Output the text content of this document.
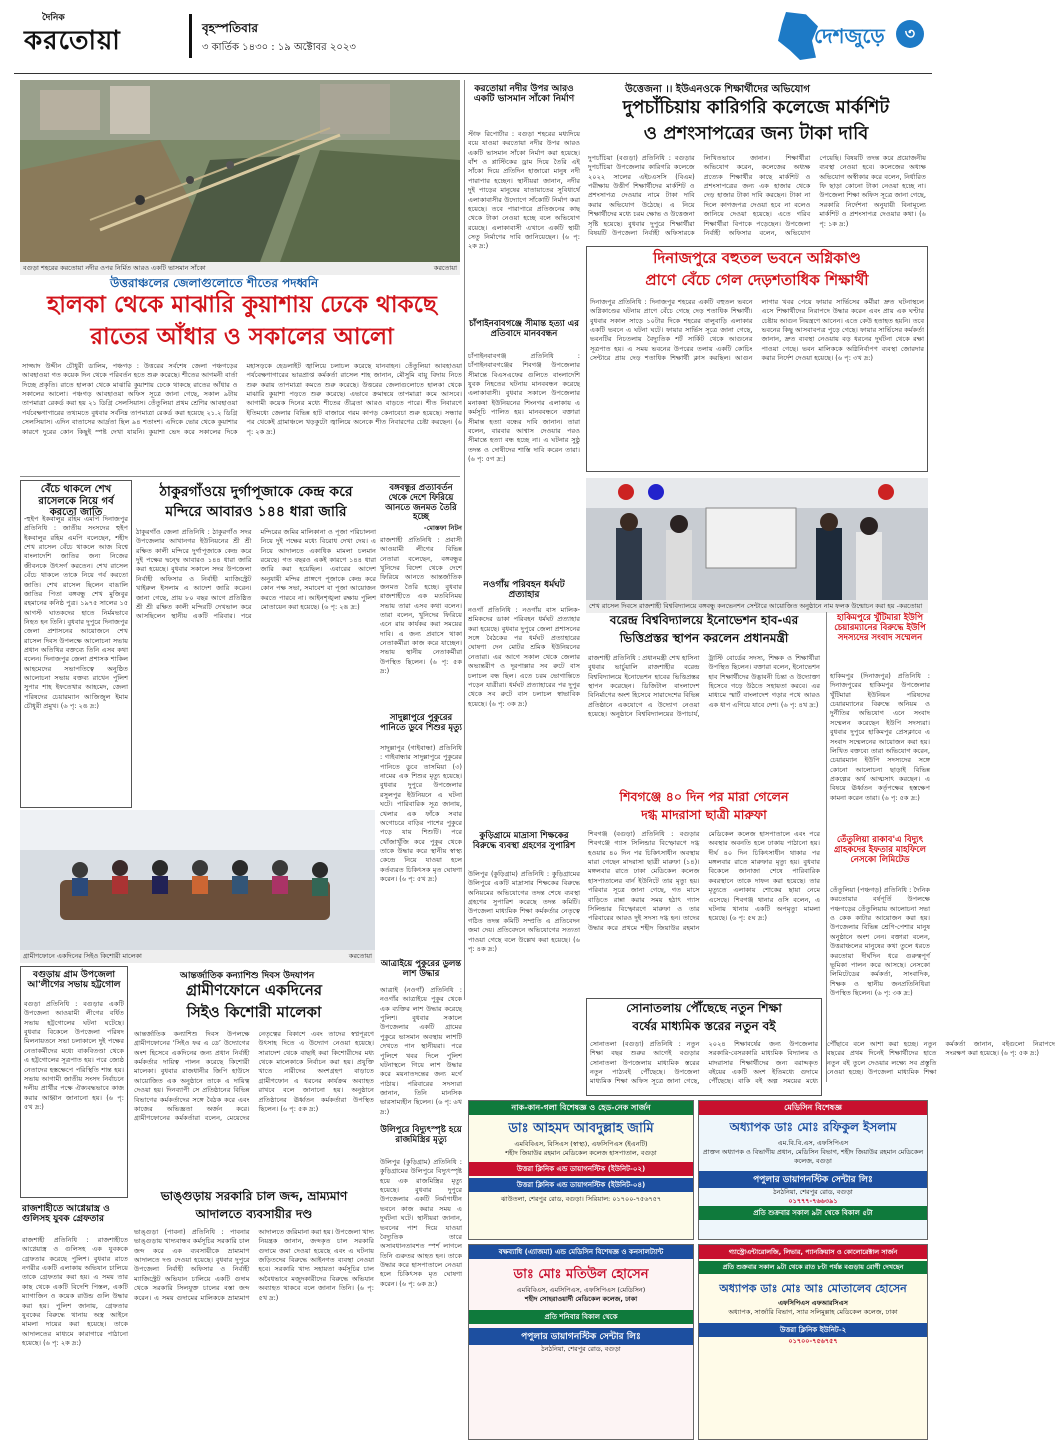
দৈনিক
করতোয়া	বৃহস্পতিবার
৩ কার্তিক ১৪৩০ : ১৯ অক্টোবর ২০২৩	দেশজুড়ে	৩
বগুড়া শহরের করতোয়া নদীর ওপর নির্মিত আরও একটি ভাসমান সাঁকো	করতোয়া
উত্তরাঞ্চলের জেলাগুলোতে শীতের পদধ্বনি
হালকা থেকে মাঝারি কুয়াশায় ঢেকে থাকছে
রাতের আঁধার ও সকালের আলো
সাজ্জাদ উদ্দীন চৌধুরী ডালিম, পঞ্চগড় : উত্তরের সর্বশেষ জেলা পঞ্চগড়ের আবহাওয়া গত কয়েক দিন থেকে পরিবর্তন হতে শুরু করেছে। শীতের আগমনী বার্তা দিচ্ছে প্রকৃতি। রাতে হালকা থেকে মাঝারি কুয়াশায় ঢেকে থাকছে রাতের আঁধার ও সকালের আলো। পঞ্চগড় আবহাওয়া অফিস সূত্রে জানা গেছে, সকাল ৯টায় তাপমাত্রা রেকর্ড করা হয় ২১ ডিগ্রি সেলসিয়াস। তেঁতুলিয়া প্রথম শ্রেণির আবহাওয়া পর্যবেক্ষণাগারের তথ্যমতে বুধবার সর্বনিম্ন তাপমাত্রা রেকর্ড করা হয়েছে ২১.২ ডিগ্রি সেলসিয়াস। এদিন বাতাসের আর্দ্রতা ছিল ৯৪ শতাংশ। এদিকে ভোর থেকে কুয়াশার কারণে দুরের কোন কিছুই স্পষ্ট দেখা যায়নি। কুয়াশা ভেদ করে সকালের দিকে মহাসড়কে হেডলাইট জ্বালিয়ে চলাচল করেছে যানবাহন। তেঁতুলিয়া আবহাওয়া পর্যবেক্ষণাগারের ভারপ্রাপ্ত কর্মকর্তা রাসেল শাহ জানান, মৌসুমি বায়ু বিদায় নিতে শুরু করায় তাপমাত্রা কমতে শুরু করেছে। উত্তরের জেলাগুলোতে হালকা থেকে মাঝারি কুয়াশা পড়তে শুরু করেছে। এভাবে ক্রমান্বয়ে তাপমাত্রা কমে আসবে। আগামী কয়েক দিনের মধ্যে শীতের তীব্রতা আরও বাড়তে পারে। শীত নিবারণে ইতিমধ্যে জেলার বিভিন্ন হাট বাজারে গরম কাপড় কেনাবেচা শুরু হয়েছে। সন্ধ্যার পর থেকেই গ্রামাঞ্চলে খড়কুটো জ্বালিয়ে অনেকে শীত নিবারণের চেষ্টা করছেন। (৬ পৃ: ২ক দ্র:)
বেঁচে থাকলে শেখ রাসেলকে নিয়ে গর্ব করতো জাতি
-হুইপ ইকবালুর রহিম এমপি দিনাজপুর প্রতিনিধি : জাতীয় সংসদের হুইপ ইকবালুর রহিম এমপি বলেছেন, শহীদ শেখ রাসেল বেঁচে থাকলে আজ বিশ্বে বাংলাদেশি জাতির জন্য নিজের জীবনকে উৎসর্গ করতেন। শেখ রাসেল বেঁচে থাকলে তাকে নিয়ে গর্ব করতো জাতি। শেখ রাসেল ছিলেন বাঙালি জাতির পিতা বঙ্গবন্ধু শেখ মুজিবুর রহমানের কনিষ্ঠ পুত্র। ১৯৭৫ সালের ১৫ আগস্ট ঘাতকদের হাতে নির্মমভাবে নিহত হন তিনি। বুধবার দুপুরে দিনাজপুর জেলা প্রশাসনের আয়োজনে শেখ রাসেল দিবস উপলক্ষে আলোচনা সভায় প্রধান অতিথির বক্তব্যে তিনি এসব কথা বলেন। দিনাজপুর জেলা প্রশাসক শাকিল আহমেদের সভাপতিত্বে অনুষ্ঠিত আলোচনা সভায় বক্তব্য রাখেন পুলিশ সুপার শাহ ইফতেখার আহমেদ, জেলা পরিষদের চেয়ারম্যান আজিজুল ইমাম চৌধুরী প্রমুখ। (৬ পৃ: ২ঙ দ্র:)
ঠাকুরগাঁওয়ে দুর্গাপূজাকে কেন্দ্র করে
মন্দিরে আবারও ১৪৪ ধারা জারি
ঠাকুরগাঁও জেলা প্রতিনিধি : ঠাকুরগাঁও সদর উপজেলার আখানগর ইউনিয়নের শ্রী শ্রী রক্ষিত কালী মন্দিরে দুর্গাপূজাকে কেন্দ্র করে দুই পক্ষের দ্বন্দ্বে আবারও ১৪৪ ধারা জারি করা হয়েছে। বুধবার সকালে সদর উপজেলা নির্বাহী অফিসার ও নির্বাহী ম্যাজিস্ট্রেট খাইরুল ইসলাম এ আদেশ জারি করেন। জানা গেছে, প্রায় ৮০ বছর আগে প্রতিষ্ঠিত শ্রী শ্রী রক্ষিত কালী মন্দিরটি দেখভাল করে আসছিলেন স্থানীয় একটি পরিবার। পরে মন্দিরের জমির মালিকানা ও পূজা পরিচালনা নিয়ে দুই পক্ষের মধ্যে বিরোধ দেখা দেয়। এ নিয়ে আদালতে একাধিক মামলা চলমান রয়েছে। গত বছরও একই কারণে ১৪৪ ধারা জারি করা হয়েছিল। এবারের আদেশ অনুযায়ী মন্দির প্রাঙ্গণে পূজাকে কেন্দ্র করে কোন পক্ষ সভা, সমাবেশ বা পূজা আয়োজন করতে পারবে না। আইনশৃঙ্খলা রক্ষায় পুলিশ মোতায়েন করা হয়েছে। (৬ পৃ: ২ঙ দ্র:)
বঙ্গবন্ধুর প্রত্যাবর্তন থেকে দেশে ফিরিয়ে আনতে জনমত তৈরি হচ্ছে
-মোস্তফা নিটন
রাজশাহী প্রতিনিধি : প্রবাসী আওয়ামী লীগের বিভিন্ন নেতারা বলেছেন, বঙ্গবন্ধুর খুনিদের বিদেশ থেকে দেশে ফিরিয়ে আনতে আন্তর্জাতিক জনমত তৈরি হচ্ছে। বুধবার রাজশাহীতে এক মতবিনিময় সভায় তারা এসব কথা বলেন। তারা বলেন, খুনিদের ফিরিয়ে এনে রায় কার্যকর করা সময়ের দাবি। এ জন্য প্রবাসে থাকা নেতাকর্মীরা কাজ করে যাচ্ছেন। সভায় স্থানীয় নেতাকর্মীরা উপস্থিত ছিলেন। (৬ পৃ: ৫ক দ্র:)
সাদুল্লাপুরে পুকুরের পানিতে ডুবে শিশুর মৃত্যু
সাদুল্লাপুর (গাইবান্ধা) প্রতিনিধি : গাইবান্ধার সাদুল্লাপুরে পুকুরের পানিতে ডুবে তাসমিয়া (৩) নামের এক শিশুর মৃত্যু হয়েছে। বুধবার দুপুরে উপজেলার রসুলপুর ইউনিয়নে এ ঘটনা ঘটে। পারিবারিক সূত্র জানায়, খেলার এক ফাঁকে সবার অগোচরে বাড়ির পাশের পুকুরে পড়ে যায় শিশুটি। পরে খোঁজাখুঁজি করে পুকুর থেকে তাকে উদ্ধার করে স্থানীয় স্বাস্থ্য কেন্দ্রে নিয়ে যাওয়া হলে কর্তব্যরত চিকিৎসক মৃত ঘোষণা করেন। (৬ পৃ: ৫খ দ্র:)
গ্রামীণফোনে একদিনের সিইও কিশোরী মালেকা	করতোয়া
বগুড়ায় গ্রাম উপজেলা আ'লীগের সভায় হট্টগোল
বগুড়া প্রতিনিধি : বগুড়ার একটি উপজেলা আওয়ামী লীগের বর্ধিত সভায় হট্টগোলের ঘটনা ঘটেছে। বুধবার বিকেলে উপজেলা পরিষদ মিলনায়তনে সভা চলাকালে দুই পক্ষের নেতাকর্মীদের মধ্যে বাকবিতণ্ডা থেকে এ হট্টগোলের সূত্রপাত হয়। পরে জ্যেষ্ঠ নেতাদের হস্তক্ষেপে পরিস্থিতি শান্ত হয়। সভায় আগামী জাতীয় সংসদ নির্বাচনে দলীয় প্রার্থীর পক্ষে ঐক্যবদ্ধভাবে কাজ করার আহ্বান জানানো হয়। (৬ পৃ: ৫খ দ্র:)
রাজশাহীতে আগ্নেয়াস্ত্র ও গুলিসহ যুবক গ্রেফতার
রাজশাহী প্রতিনিধি : রাজশাহীতে আগ্নেয়াস্ত্র ও গুলিসহ এক যুবককে গ্রেফতার করেছে পুলিশ। বুধবার রাতে নগরীর একটি এলাকায় অভিযান চালিয়ে তাকে গ্রেফতার করা হয়। এ সময় তার কাছ থেকে একটি বিদেশি পিস্তল, একটি ম্যাগাজিন ও কয়েক রাউন্ড গুলি উদ্ধার করা হয়। পুলিশ জানায়, গ্রেফতার যুবকের বিরুদ্ধে থানায় অস্ত্র আইনে মামলা দায়ের করা হয়েছে। তাকে আদালতের মাধ্যমে কারাগারে পাঠানো হয়েছে। (৬ পৃ: ২ক দ্র:)
আন্তর্জাতিক কন্যাশিশু দিবস উদযাপন
গ্রামীণফোনে একদিনের
সিইও কিশোরী মালেকা
আন্তর্জাতিক কন্যাশিশু দিবস উপলক্ষে গ্রামীণফোনের ‘সিইও ফর এ ডে’ উদ্যোগের অংশ হিসেবে একদিনের জন্য প্রধান নির্বাহী কর্মকর্তার দায়িত্ব পালন করেছে কিশোরী মালেকা। বুধবার রাজধানীর জিপি হাউসে আয়োজিত এক অনুষ্ঠানে তাকে এ দায়িত্ব দেওয়া হয়। দিনব্যাপী সে প্রতিষ্ঠানের বিভিন্ন বিভাগের কর্মকর্তাদের সঙ্গে বৈঠক করে এবং কাজের অভিজ্ঞতা অর্জন করে। গ্রামীণফোনের কর্মকর্তারা বলেন, মেয়েদের নেতৃত্বের বিকাশে এবং তাদের স্বপ্নপূরণে উৎসাহ দিতে এ উদ্যোগ নেওয়া হয়েছে। সারাদেশ থেকে বাছাই করা কিশোরীদের মধ্য থেকে মালেকাকে নির্বাচন করা হয়। প্রযুক্তি খাতে নারীদের অংশগ্রহণ বাড়াতে গ্রামীণফোন এ ধরনের কার্যক্রম অব্যাহত রাখবে বলে জানানো হয়। অনুষ্ঠানে প্রতিষ্ঠানের ঊর্ধ্বতন কর্মকর্তারা উপস্থিত ছিলেন। (৬ পৃ: ৫ক দ্র:)
আত্রাইয়ে পুকুরের ডুলন্ত লাশ উদ্ধার
আত্রাই (নওগাঁ) প্রতিনিধি : নওগাঁর আত্রাইয়ে পুকুর থেকে এক ব্যক্তির লাশ উদ্ধার করেছে পুলিশ। বুধবার সকালে উপজেলার একটি গ্রামের পুকুরে ভাসমান অবস্থায় লাশটি দেখতে পান স্থানীয়রা। পরে পুলিশে খবর দিলে পুলিশ ঘটনাস্থলে গিয়ে লাশ উদ্ধার করে ময়নাতদন্তের জন্য মর্গে পাঠায়। পরিবারের সদস্যরা জানান, তিনি মানসিক ভারসাম্যহীন ছিলেন। (৬ পৃ: ৬খ দ্র:)
ভাঙ্গুড়ায় সরকারি চাল জব্দ, ভ্রাম্যমাণ
আদালতে ব্যবসায়ীর দণ্ড
ভাঙ্গুড়া (পাবনা) প্রতিনিধি : পাবনার ভাঙ্গুড়ায় খাদ্যবান্ধব কর্মসূচির সরকারি চাল জব্দ করে এক ব্যবসায়ীকে ভ্রাম্যমাণ আদালতে দণ্ড দেওয়া হয়েছে। বুধবার দুপুরে উপজেলা নির্বাহী অফিসার ও নির্বাহী ম্যাজিস্ট্রেট অভিযান চালিয়ে একটি গুদাম থেকে সরকারি সিলযুক্ত চালের বস্তা জব্দ করেন। এ সময় গুদামের মালিককে ভ্রাম্যমাণ আদালতে জরিমানা করা হয়। উপজেলা খাদ্য নিয়ন্ত্রক জানান, জব্দকৃত চাল সরকারি গুদামে জমা দেওয়া হয়েছে এবং এ ঘটনায় জড়িতদের বিরুদ্ধে আইনগত ব্যবস্থা নেওয়া হবে। সরকারি খাদ্য সহায়তা কর্মসূচির চাল অবৈধভাবে মজুদকারীদের বিরুদ্ধে অভিযান অব্যাহত থাকবে বলে জানান তিনি। (৬ পৃ: ৫খ দ্র:)
উলিপুরে বিদ্যুৎস্পৃষ্ট হয়ে রাজমিস্ত্রির মৃত্যু
উলিপুর (কুড়িগ্রাম) প্রতিনিধি : কুড়িগ্রামের উলিপুরে বিদ্যুৎস্পৃষ্ট হয়ে এক রাজমিস্ত্রির মৃত্যু হয়েছে। বুধবার দুপুরে উপজেলার একটি নির্মাণাধীন ভবনে কাজ করার সময় এ দুর্ঘটনা ঘটে। স্থানীয়রা জানান, ভবনের পাশ দিয়ে যাওয়া বৈদ্যুতিক তারে অসাবধানতাবশত স্পর্শ লাগলে তিনি গুরুতর আহত হন। তাকে উদ্ধার করে হাসপাতালে নেওয়া হলে চিকিৎসক মৃত ঘোষণা করেন। (৬ পৃ: ৬ক দ্র:)
করতোয়া নদীর উপর আরও একটি ভাসমান সাঁকো নির্মাণ
স্টাফ রিপোর্টার : বগুড়া শহরের মধ্যদিয়ে বয়ে যাওয়া করতোয়া নদীর উপর আরও একটি ভাসমান সাঁকো নির্মাণ করা হয়েছে। বাঁশ ও প্লাস্টিকের ড্রাম দিয়ে তৈরি এই সাঁকো দিয়ে প্রতিদিন হাজারো মানুষ নদী পারাপার হচ্ছেন। স্থানীয়রা জানান, নদীর দুই পাড়ের মানুষের যাতায়াতের সুবিধার্থে এলাকাবাসীর উদ্যোগে সাঁকোটি নির্মাণ করা হয়েছে। তবে পারাপারে প্রতিজনের কাছ থেকে টাকা নেওয়া হচ্ছে বলে অভিযোগ রয়েছে। এলাকাবাসী এখানে একটি স্থায়ী সেতু নির্মাণের দাবি জানিয়েছেন। (৬ পৃ: ২ক দ্র:)
চাঁপাইনবাবগঞ্জে সীমান্ত হত্যা এর প্রতিবাদে মানববন্ধন
চাঁপাইনবাবগঞ্জ প্রতিনিধি : চাঁপাইনবাবগঞ্জের শিবগঞ্জ উপজেলার সীমান্তে বিএসএফের গুলিতে বাংলাদেশি যুবক নিহতের ঘটনায় মানববন্ধন করেছে এলাকাবাসী। বুধবার সকালে উপজেলার মনাকষা ইউনিয়নের শিংনগর এলাকায় এ কর্মসূচি পালিত হয়। মানববন্ধনে বক্তারা সীমান্ত হত্যা বন্ধের দাবি জানান। তারা বলেন, বারবার আশ্বাস দেওয়ার পরও সীমান্তে হত্যা বন্ধ হচ্ছে না। এ ঘটনার সুষ্ঠু তদন্ত ও দোষীদের শাস্তি দাবি করেন তারা। (৬ পৃ: ৫গ দ্র:)
নওগাঁয় পরিবহন ধর্মঘট প্রত্যাহার
নওগাঁ প্রতিনিধি : নওগাঁয় বাস মালিক-শ্রমিকদের ডাকা পরিবহন ধর্মঘট প্রত্যাহার করা হয়েছে। বুধবার দুপুরে জেলা প্রশাসনের সঙ্গে বৈঠকের পর ধর্মঘট প্রত্যাহারের ঘোষণা দেন মোটর শ্রমিক ইউনিয়নের নেতারা। এর আগে সকাল থেকে জেলার অভ্যন্তরীণ ও দূরপাল্লার সব রুটে বাস চলাচল বন্ধ ছিল। এতে চরম ভোগান্তিতে পড়েন যাত্রীরা। ধর্মঘট প্রত্যাহারের পর দুপুর থেকে সব রুটে বাস চলাচল স্বাভাবিক হয়েছে। (৬ পৃ: ৩ক দ্র:)
কুড়িগ্রামে মাদ্রাসা শিক্ষকের বিরুদ্ধে ব্যবস্থা গ্রহণের সুপারিশ
উলিপুর (কুড়িগ্রাম) প্রতিনিধি : কুড়িগ্রামের উলিপুরে একটি মাদ্রাসার শিক্ষকের বিরুদ্ধে অনিয়মের অভিযোগের তদন্ত শেষে ব্যবস্থা গ্রহণের সুপারিশ করেছে তদন্ত কমিটি। উপজেলা মাধ্যমিক শিক্ষা কর্মকর্তার নেতৃত্বে গঠিত তদন্ত কমিটি সম্প্রতি এ প্রতিবেদন জমা দেয়। প্রতিবেদনে অভিযোগের সত্যতা পাওয়া গেছে বলে উল্লেখ করা হয়েছে। (৬ পৃ: ৪ক দ্র:)
উত্তেজনা ।। ইউএনওকে শিক্ষার্থীদের অভিযোগ
দুপচাঁচিয়ায় কারিগরি কলেজে মার্কশিট
ও প্রশংসাপত্রের জন্য টাকা দাবি
দুপচাঁচিয়া (বগুড়া) প্রতিনিধি : বগুড়ার দুপচাঁচিয়া উপজেলার কারিগরি কলেজে ২০২২ সালের এইচএসসি (বিএম) পরীক্ষায় উত্তীর্ণ শিক্ষার্থীদের মার্কশিট ও প্রশংসাপত্র দেওয়ার নামে টাকা দাবি করার অভিযোগ উঠেছে। এ নিয়ে শিক্ষার্থীদের মধ্যে চরম ক্ষোভ ও উত্তেজনা সৃষ্টি হয়েছে। বুধবার দুপুরে শিক্ষার্থীরা বিষয়টি উপজেলা নির্বাহী অফিসারকে লিখিতভাবে জানান। শিক্ষার্থীরা অভিযোগ করেন, কলেজের অধ্যক্ষ প্রত্যেক শিক্ষার্থীর কাছে মার্কশিট ও প্রশংসাপত্রের জন্য এক হাজার থেকে দেড় হাজার টাকা দাবি করছেন। টাকা না দিলে কাগজপত্র দেওয়া হবে না বলেও জানিয়ে দেওয়া হয়েছে। এতে গরিব শিক্ষার্থীরা বিপাকে পড়েছেন। উপজেলা নির্বাহী অফিসার বলেন, অভিযোগ পেয়েছি। বিষয়টি তদন্ত করে প্রয়োজনীয় ব্যবস্থা নেওয়া হবে। কলেজের অধ্যক্ষ অভিযোগ অস্বীকার করে বলেন, নির্ধারিত ফি ছাড়া কোনো টাকা নেওয়া হচ্ছে না। উপজেলা শিক্ষা অফিস সূত্রে জানা গেছে, সরকারি নির্দেশনা অনুযায়ী বিনামূল্যে মার্কশিট ও প্রশংসাপত্র দেওয়ার কথা। (৬ পৃ: ১ক দ্র:)
দিনাজপুরে বহুতল ভবনে অগ্নিকাণ্ড
প্রাণে বেঁচে গেল দেড়শতাধিক শিক্ষার্থী
দিনাজপুর প্রতিনিধি : দিনাজপুর শহরের একটি বহুতল ভবনে অগ্নিকাণ্ডের ঘটনায় প্রাণে বেঁচে গেছে দেড় শতাধিক শিক্ষার্থী। বুধবার সকাল সাড়ে ১০টার দিকে শহরের বালুবাড়ি এলাকার একটি ভবনে এ ঘটনা ঘটে। ফায়ার সার্ভিস সূত্রে জানা গেছে, ভবনটির নিচতলায় বৈদ্যুতিক শর্ট সার্কিট থেকে আগুনের সূত্রপাত হয়। এ সময় ভবনের উপরের তলায় একটি কোচিং সেন্টারে প্রায় দেড় শতাধিক শিক্ষার্থী ক্লাস করছিল। আগুন লাগার খবর পেয়ে ফায়ার সার্ভিসের কর্মীরা দ্রুত ঘটনাস্থলে এসে শিক্ষার্থীদের নিরাপদে উদ্ধার করেন এবং প্রায় এক ঘণ্টার চেষ্টায় আগুন নিয়ন্ত্রণে আনেন। এতে কেউ হতাহত হয়নি। তবে ভবনের কিছু আসবাবপত্র পুড়ে গেছে। ফায়ার সার্ভিসের কর্মকর্তা জানান, দ্রুত ব্যবস্থা নেওয়ায় বড় ধরনের দুর্ঘটনা থেকে রক্ষা পাওয়া গেছে। ভবন মালিককে অগ্নিনির্বাপণ ব্যবস্থা জোরদার করার নির্দেশ দেওয়া হয়েছে। (৬ পৃ: ৩খ দ্র:)
শেখ রাসেল দিবসে রাজশাহী বিশ্ববিদ্যালয়ে বঙ্গবন্ধু কনভেনশন সেন্টারে আয়োজিত অনুষ্ঠানে নাম ফলক উন্মোচন করা হয় -করতোয়া
বরেন্দ্র বিশ্ববিদ্যালয়ে ইনোভেশন হাব-এর
ভিত্তিপ্রস্তর স্থাপন করলেন প্রধানমন্ত্রী
রাজশাহী প্রতিনিধি : প্রধানমন্ত্রী শেখ হাসিনা বুধবার ভার্চুয়ালি রাজশাহীর বরেন্দ্র বিশ্ববিদ্যালয়ে ইনোভেশন হাবের ভিত্তিপ্রস্তর স্থাপন করেছেন। ডিজিটাল বাংলাদেশ বিনির্মাণের অংশ হিসেবে সারাদেশের বিভিন্ন প্রতিষ্ঠানে একযোগে এ উদ্যোগ নেওয়া হয়েছে। অনুষ্ঠানে বিশ্ববিদ্যালয়ের উপাচার্য, ট্রাস্টি বোর্ডের সদস্য, শিক্ষক ও শিক্ষার্থীরা উপস্থিত ছিলেন। বক্তারা বলেন, ইনোভেশন হাব শিক্ষার্থীদের উদ্ভাবনী চিন্তা ও উদ্যোক্তা হিসেবে গড়ে উঠতে সহায়তা করবে। এর মাধ্যমে স্মার্ট বাংলাদেশ গড়ার পথে আরও এক ধাপ এগিয়ে যাবে দেশ। (৬ পৃ: ৪খ দ্র:)
হাকিমপুরে খুঁটিমারা ইউপি চেয়ারম্যানের বিরুদ্ধে ইউপি সদস্যদের সংবাদ সম্মেলন
হাকিমপুর (দিনাজপুর) প্রতিনিধি : দিনাজপুরের হাকিমপুর উপজেলার খুঁটিমারা ইউনিয়ন পরিষদের চেয়ারম্যানের বিরুদ্ধে অনিয়ম ও দুর্নীতির অভিযোগ এনে সংবাদ সম্মেলন করেছেন ইউপি সদস্যরা। বুধবার দুপুরে হাকিমপুর প্রেসক্লাবে এ সংবাদ সম্মেলনের আয়োজন করা হয়। লিখিত বক্তব্যে তারা অভিযোগ করেন, চেয়ারম্যান ইউপি সদস্যদের সঙ্গে কোনো আলোচনা ছাড়াই বিভিন্ন প্রকল্পের অর্থ আত্মসাৎ করছেন। এ বিষয়ে ঊর্ধ্বতন কর্তৃপক্ষের হস্তক্ষেপ কামনা করেন তারা। (৬ পৃ: ৫ক দ্র:)
তেঁতুলিয়া রাকাব'এ বিদ্যুৎ গ্রাহকদের ইফতার মাহফিলে নেসকো লিমিটেড
তেঁতুলিয়া (পঞ্চগড়) প্রতিনিধি : দৈনিক করতোয়ার বর্ষপূর্তি উপলক্ষে পঞ্চগড়ের তেঁতুলিয়ায় আলোচনা সভা ও কেক কাটার আয়োজন করা হয়। উপজেলার বিভিন্ন শ্রেণি-পেশার মানুষ অনুষ্ঠানে অংশ নেন। বক্তারা বলেন, উত্তরাঞ্চলের মানুষের কথা তুলে ধরতে করতোয়া দীর্ঘদিন ধরে গুরুত্বপূর্ণ ভূমিকা পালন করে আসছে। নেসকো লিমিটেডের কর্মকর্তা, সাংবাদিক, শিক্ষক ও স্থানীয় জনপ্রতিনিধিরা উপস্থিত ছিলেন। (৬ পৃ: ৩ক দ্র:)
শিবগঞ্জে ৪০ দিন পর মারা গেলেন
দগ্ধ মাদরাসা ছাত্রী মারুফা
শিবগঞ্জ (বগুড়া) প্রতিনিধি : বগুড়ার শিবগঞ্জে গ্যাস সিলিন্ডার বিস্ফোরণে দগ্ধ হওয়ার ৪০ দিন পর চিকিৎসাধীন অবস্থায় মারা গেছেন মাদরাসা ছাত্রী মারুফা (১৪)। মঙ্গলবার রাতে ঢাকা মেডিকেল কলেজ হাসপাতালের বার্ন ইউনিটে তার মৃত্যু হয়। পরিবার সূত্রে জানা গেছে, গত মাসে বাড়িতে রান্না করার সময় হঠাৎ গ্যাস সিলিন্ডার বিস্ফোরণে মারুফা ও তার পরিবারের আরও দুই সদস্য দগ্ধ হন। তাদের উদ্ধার করে প্রথমে শহীদ জিয়াউর রহমান মেডিকেল কলেজ হাসপাতালে এবং পরে অবস্থার অবনতি হলে ঢাকায় পাঠানো হয়। দীর্ঘ ৪০ দিন চিকিৎসাধীন থাকার পর মঙ্গলবার রাতে মারুফার মৃত্যু হয়। বুধবার বিকেলে জানাজা শেষে পারিবারিক কবরস্থানে তাকে দাফন করা হয়েছে। তার মৃত্যুতে এলাকায় শোকের ছায়া নেমে এসেছে। শিবগঞ্জ থানার ওসি বলেন, এ ঘটনায় থানায় একটি অপমৃত্যু মামলা হয়েছে। (৬ পৃ: ৫ঘ দ্র:)
সোনাতলায় পৌঁছেছে নতুন শিক্ষা
বর্ষের মাধ্যমিক স্তরের নতুন বই
সোনাতলা (বগুড়া) প্রতিনিধি : নতুন শিক্ষা বছর শুরুর আগেই বগুড়ার সোনাতলা উপজেলায় মাধ্যমিক স্তরের নতুন পাঠ্যবই পৌঁছেছে। উপজেলা মাধ্যমিক শিক্ষা অফিস সূত্রে জানা গেছে, ২০২৪ শিক্ষাবর্ষের জন্য উপজেলার সরকারি-বেসরকারি মাধ্যমিক বিদ্যালয় ও মাদরাসার শিক্ষার্থীদের জন্য বরাদ্দকৃত বইয়ের একটি অংশ ইতিমধ্যে গুদামে পৌঁছেছে। বাকি বই অল্প সময়ের মধ্যে পৌঁছাবে বলে আশা করা হচ্ছে। নতুন বছরের প্রথম দিনেই শিক্ষার্থীদের হাতে নতুন বই তুলে দেওয়ার লক্ষ্যে সব প্রস্তুতি নেওয়া হচ্ছে। উপজেলা মাধ্যমিক শিক্ষা কর্মকর্তা জানান, বইগুলো নিরাপদে সংরক্ষণ করা হয়েছে। (৬ পৃ: ৫ক দ্র:)
নাক-কান-গলা বিশেষজ্ঞ ও হেড-নেক সার্জন
ডাঃ আহমদ আবদুল্লাহ জামি
এমবিবিএস, বিসিএস (স্বাস্থ্য), এফসিপিএস (ইএনটি)
শহীদ জিয়াউর রহমান মেডিকেল কলেজ হাসপাতাল, বগুড়া
উত্তরা ক্লিনিক এন্ড ডায়াগনস্টিক (ইউনিট-০২)
উত্তরা ক্লিনিক এন্ড ডায়াগনস্টিক (ইউনিট-০৪)
ঝাউতলা, শেরপুর রোড, বগুড়া। সিরিয়াল: ০১৭০০-৭৫৬৭৫৭
মেডিসিন বিশেষজ্ঞ
অধ্যাপক ডাঃ মোঃ রফিকুল ইসলাম
এম.বি.বি.এস, এফসিপিএস
প্রাক্তন অধ্যাপক ও বিভাগীয় প্রধান, মেডিসিন বিভাগ, শহীদ জিয়াউর রহমান মেডিকেল কলেজ, বগুড়া
পপুলার ডায়াগনস্টিক সেন্টার লিঃ
ঠনঠনিয়া, শেরপুর রোড, বগুড়া
০১৭৭৭-৭৬৬৩৯১
প্রতি শুক্রবার সকাল ৯টা থেকে বিকাল ৫টা
বক্ষব্যাধি (এ্যাজমা) এন্ড মেডিসিন বিশেষজ্ঞ ও কনসালট্যান্ট
ডাঃ মোঃ মতিউল হোসেন
এমবিবিএস, এমসিপিএস, এফসিপিএস (মেডিসিন)
শহীদ সোহরাওয়ার্দী মেডিকেল কলেজ, ঢাকা
প্রতি শনিবার বিকাল থেকে
পপুলার ডায়াগনস্টিক সেন্টার লিঃ
ঠনঠনিয়া, শেরপুর রোড, বগুড়া
গ্যাস্ট্রোএন্টারোলজি, লিভার, প্যানক্রিয়াস ও কোলোরেক্টাল সার্জন
প্রতি শুক্রবার সকাল ৯টা থেকে রাত ৮টা পর্যন্ত বগুড়ায় রোগী দেখছেন
অধ্যাপক ডাঃ মোঃ আঃ মোতালেব হোসেন
এফসিপিএস এফআরসিএস
অধ্যাপক, সার্জারি বিভাগ, স্যার সলিমুল্লাহ মেডিকেল কলেজ, ঢাকা
উত্তরা ক্লিনিক ইউনিট-২
০১৭০০-৭৫৬৭৫৭
